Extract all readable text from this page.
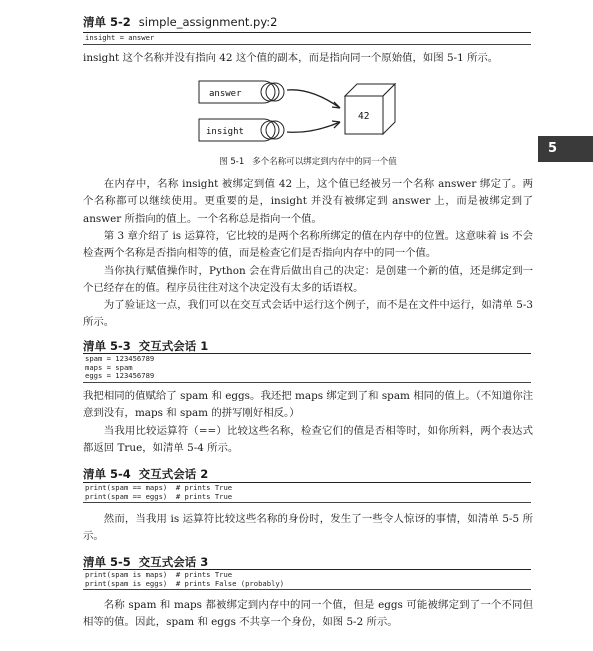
清单 5-2 simple_assignment.py:2
insight = answer

insight 这个名称并没有指向 42 这个值的副本，而是指向同一个原始值，如图 5-1 所示。

answer
insight
42
图 5-1 多个名称可以绑定到内存中的同一个值
5

在内存中，名称 insight 被绑定到值 42 上，这个值已经被另一个名称 answer 绑定了。两个名称都可以继续使用。更重要的是，insight 并没有被绑定到 answer 上，而是被绑定到了 answer 所指向的值上。一个名称总是指向一个值。

第 3 章介绍了 is 运算符，它比较的是两个名称所绑定的值在内存中的位置。这意味着 is 不会检查两个名称是否指向相等的值，而是检查它们是否指向内存中的同一个值。

当你执行赋值操作时，Python 会在背后做出自己的决定：是创建一个新的值，还是绑定到一个已经存在的值。程序员往往对这个决定没有太多的话语权。

为了验证这一点，我们可以在交互式会话中运行这个例子，而不是在文件中运行，如清单 5-3 所示。

清单 5-3 交互式会话 1
spam = 123456789
maps = spam
eggs = 123456789

我把相同的值赋给了 spam 和 eggs。我还把 maps 绑定到了和 spam 相同的值上。（不知道你注意到没有，maps 和 spam 的拼写刚好相反。）

当我用比较运算符（==）比较这些名称，检查它们的值是否相等时，如你所料，两个表达式都返回 True，如清单 5-4 所示。

清单 5-4 交互式会话 2
print(spam == maps)  # prints True
print(spam == eggs)  # prints True

然而，当我用 is 运算符比较这些名称的身份时，发生了一些令人惊讶的事情，如清单 5-5 所示。

清单 5-5 交互式会话 3
print(spam is maps)  # prints True
print(spam is eggs)  # prints False (probably)

名称 spam 和 maps 都被绑定到内存中的同一个值，但是 eggs 可能被绑定到了一个不同但相等的值。因此，spam 和 eggs 不共享一个身份，如图 5-2 所示。
